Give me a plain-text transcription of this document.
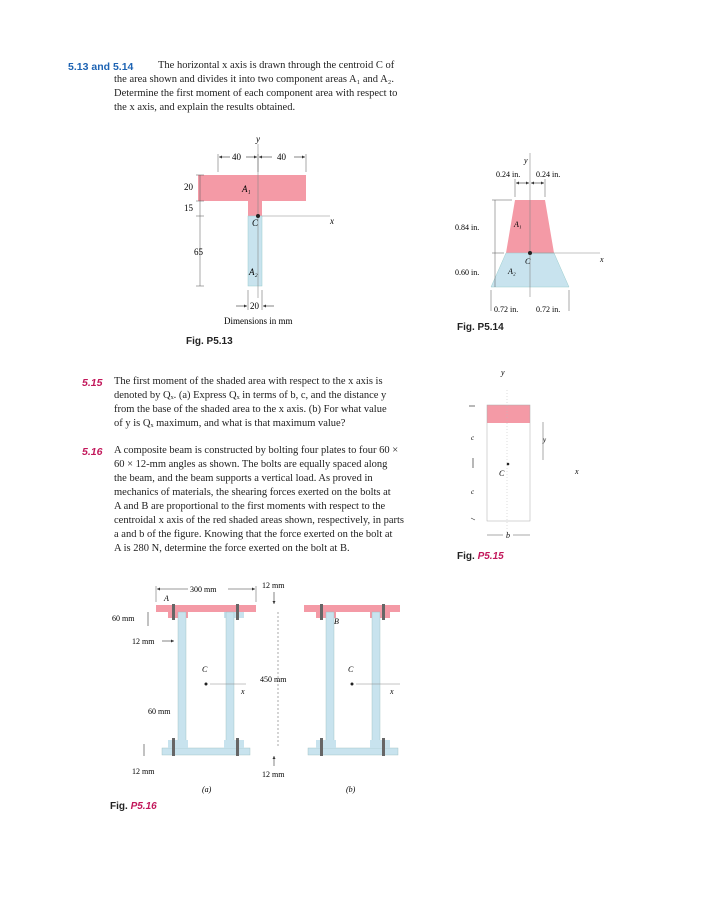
5.13 and 5.14 The horizontal x axis is drawn through the centroid C of
the area shown and divides it into two component areas A₁ and A₂.
Determine the first moment of each component area with respect to
the x axis, and explain the results obtained.
y
x
A₁
C
A₂
40	40
20
15
65
20
Dimensions in mm
Fig. P5.13
y
x
A₁
C
A₂
0.24 in. 0.24 in.
0.84 in.
0.60 in.
0.72 in. 0.72 in.
Fig. P5.14
5.15 The first moment of the shaded area with respect to the x axis is
denoted by Qₓ. (a) Express Qₓ in terms of b, c, and the distance y
from the base of the shaded area to the x axis. (b) For what value
of y is Qₓ maximum, and what is that maximum value?
y
x
C
c
c
y
b
Fig. P5.15
5.16 A composite beam is constructed by bolting four plates to four 60 ×
60 × 12-mm angles as shown. The bolts are equally spaced along
the beam, and the beam supports a vertical load. As proved in
mechanics of materials, the shearing forces exerted on the bolts at
A and B are proportional to the first moments with respect to the
centroidal x axis of the red shaded areas shown, respectively, in parts
a and b of the figure. Knowing that the force exerted on the bolt at
A is 280 N, determine the force exerted on the bolt at B.
C
x
A
(a)
C
x
B
(b)
300 mm	12 mm
450 mm
12 mm
60 mm
12 mm
60 mm
12 mm
Fig. P5.16
